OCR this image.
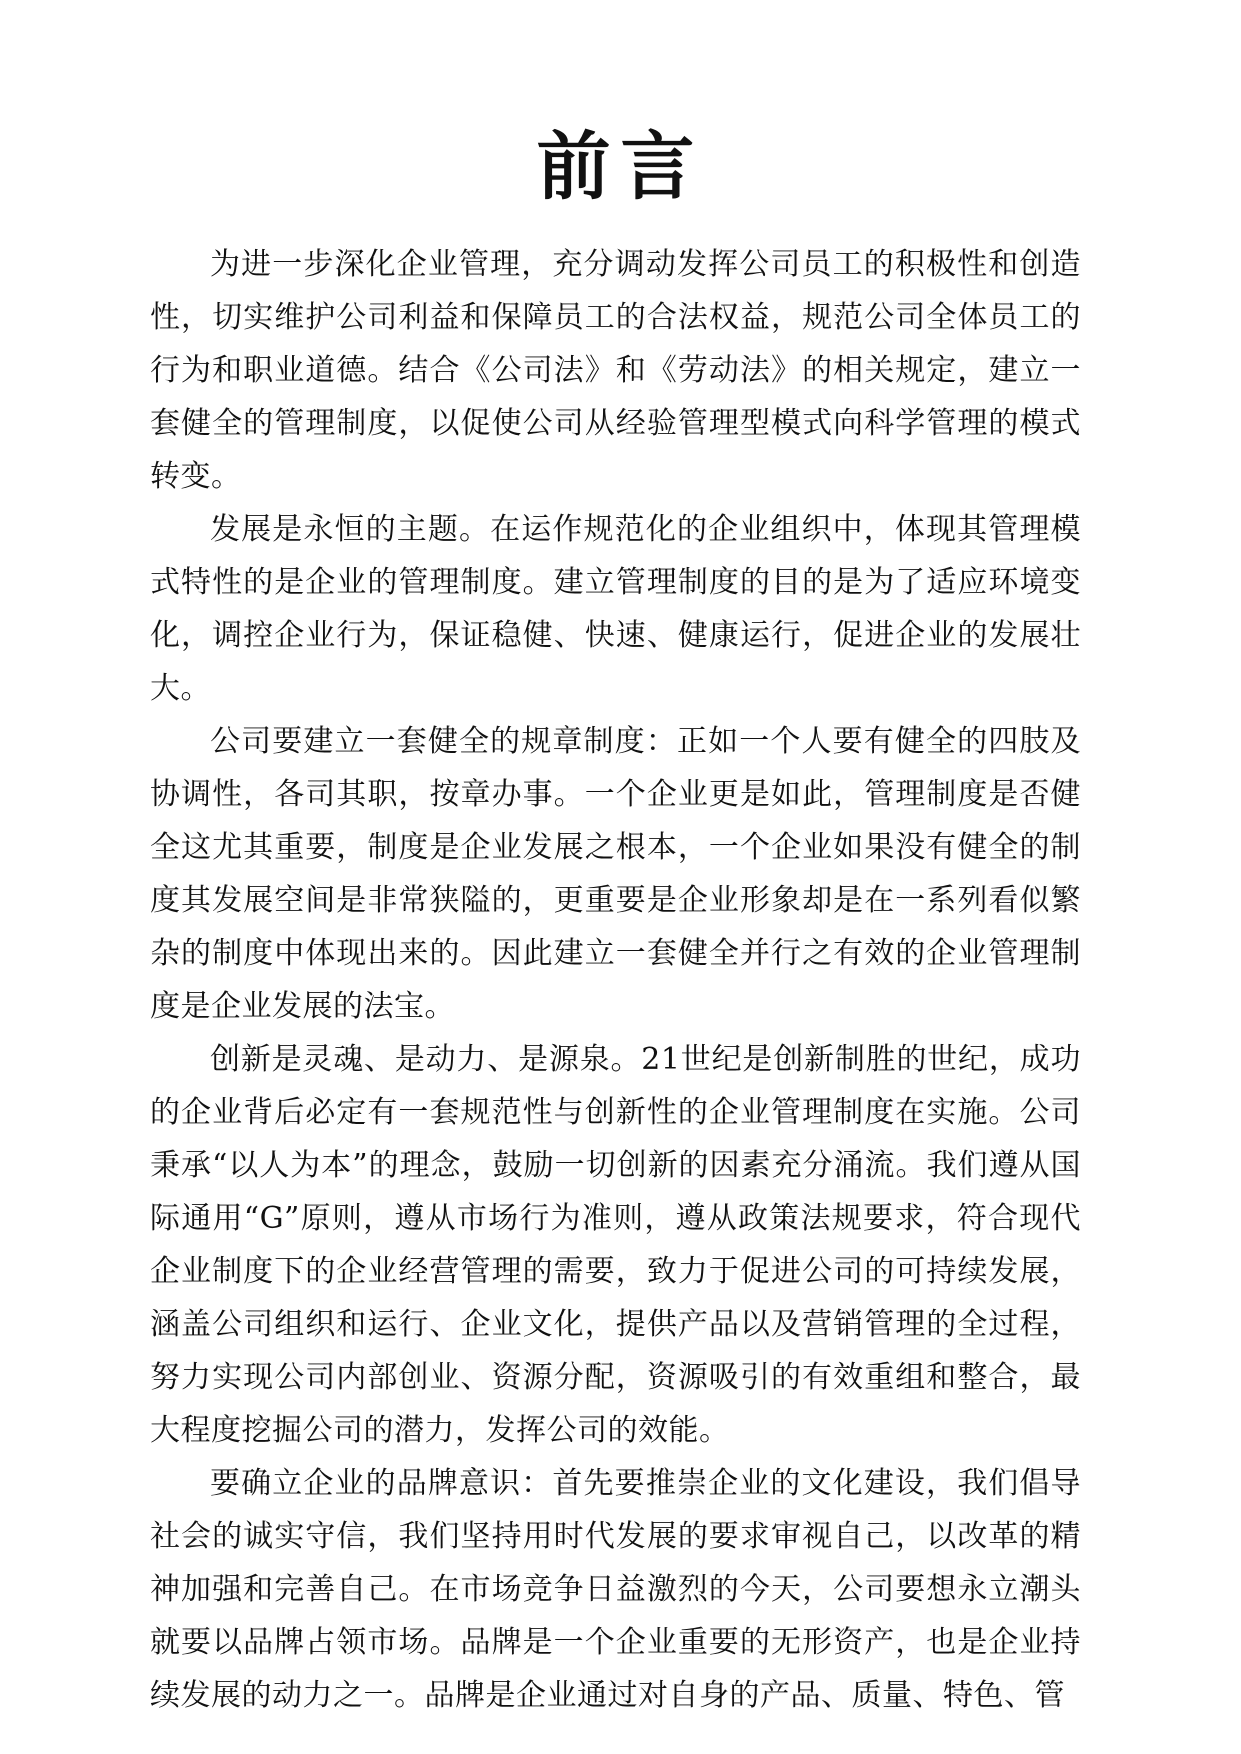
前言

为进一步深化企业管理，充分调动发挥公司员工的积极性和创造性，切实维护公司利益和保障员工的合法权益，规范公司全体员工的行为和职业道德。结合《公司法》和《劳动法》的相关规定，建立一套健全的管理制度，以促使公司从经验管理型模式向科学管理的模式转变。

发展是永恒的主题。在运作规范化的企业组织中，体现其管理模式特性的是企业的管理制度。建立管理制度的目的是为了适应环境变化，调控企业行为，保证稳健、快速、健康运行，促进企业的发展壮大。

公司要建立一套健全的规章制度：正如一个人要有健全的四肢及协调性，各司其职，按章办事。一个企业更是如此，管理制度是否健全这尤其重要，制度是企业发展之根本，一个企业如果没有健全的制度其发展空间是非常狭隘的，更重要是企业形象却是在一系列看似繁杂的制度中体现出来的。因此建立一套健全并行之有效的企业管理制度是企业发展的法宝。

创新是灵魂、是动力、是源泉。21世纪是创新制胜的世纪，成功的企业背后必定有一套规范性与创新性的企业管理制度在实施。公司秉承“以人为本”的理念，鼓励一切创新的因素充分涌流。我们遵从国际通用“G”原则，遵从市场行为准则，遵从政策法规要求，符合现代企业制度下的企业经营管理的需要，致力于促进公司的可持续发展，涵盖公司组织和运行、企业文化，提供产品以及营销管理的全过程，努力实现公司内部创业、资源分配，资源吸引的有效重组和整合，最大程度挖掘公司的潜力，发挥公司的效能。

要确立企业的品牌意识：首先要推崇企业的文化建设，我们倡导社会的诚实守信，我们坚持用时代发展的要求审视自己，以改革的精神加强和完善自己。在市场竞争日益激烈的今天，公司要想永立潮头就要以品牌占领市场。品牌是一个企业重要的无形资产，也是企业持续发展的动力之一。品牌是企业通过对自身的产品、质量、特色、管
